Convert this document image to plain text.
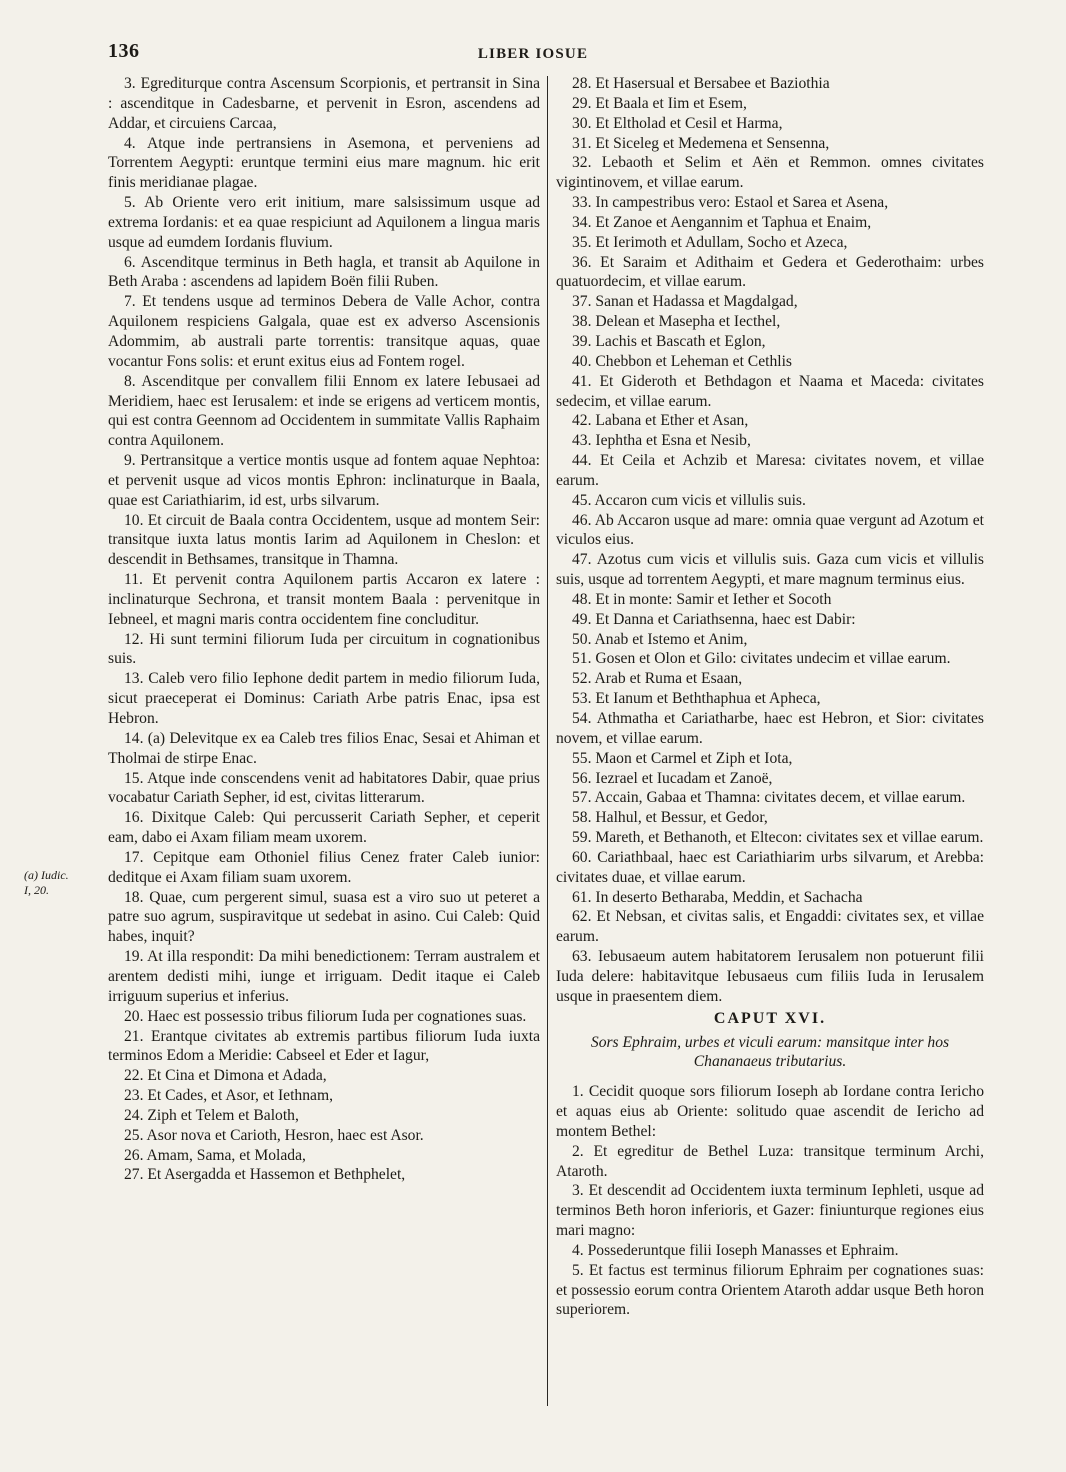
136	LIBER IOSUE
(a) Iudic.
I, 20.

3. Egrediturque contra Ascensum Scorpionis, et pertransit in Sina : ascenditque in Cadesbarne, et pervenit in Esron, ascendens ad Addar, et circuiens Carcaa,

4. Atque inde pertransiens in Asemona, et perveniens ad Torrentem Aegypti: eruntque termini eius mare magnum. hic erit finis meridianae plagae.

5. Ab Oriente vero erit initium, mare salsissimum usque ad extrema Iordanis: et ea quae respiciunt ad Aquilonem a lingua maris usque ad eumdem Iordanis fluvium.

6. Ascenditque terminus in Beth hagla, et transit ab Aquilone in Beth Araba : ascendens ad lapidem Boën filii Ruben.

7. Et tendens usque ad terminos Debera de Valle Achor, contra Aquilonem respiciens Galgala, quae est ex adverso Ascensionis Adommim, ab australi parte torrentis: transitque aquas, quae vocantur Fons solis: et erunt exitus eius ad Fontem rogel.

8. Ascenditque per convallem filii Ennom ex latere Iebusaei ad Meridiem, haec est Ierusalem: et inde se erigens ad verticem montis, qui est contra Geennom ad Occidentem in summitate Vallis Raphaim contra Aquilonem.

9. Pertransitque a vertice montis usque ad fontem aquae Nephtoa: et pervenit usque ad vicos montis Ephron: inclinaturque in Baala, quae est Cariathiarim, id est, urbs silvarum.

10. Et circuit de Baala contra Occidentem, usque ad montem Seir: transitque iuxta latus montis Iarim ad Aquilonem in Cheslon: et descendit in Bethsames, transitque in Thamna.

11. Et pervenit contra Aquilonem partis Accaron ex latere : inclinaturque Sechrona, et transit montem Baala : pervenitque in Iebneel, et magni maris contra occidentem fine concluditur.

12. Hi sunt termini filiorum Iuda per circuitum in cognationibus suis.

13. Caleb vero filio Iephone dedit partem in medio filiorum Iuda, sicut praeceperat ei Dominus: Cariath Arbe patris Enac, ipsa est Hebron.

14. (a) Delevitque ex ea Caleb tres filios Enac, Sesai et Ahiman et Tholmai de stirpe Enac.

15. Atque inde conscendens venit ad habitatores Dabir, quae prius vocabatur Cariath Sepher, id est, civitas litterarum.

16. Dixitque Caleb: Qui percusserit Cariath Sepher, et ceperit eam, dabo ei Axam filiam meam uxorem.

17. Cepitque eam Othoniel filius Cenez frater Caleb iunior: deditque ei Axam filiam suam uxorem.

18. Quae, cum pergerent simul, suasa est a viro suo ut peteret a patre suo agrum, suspiravitque ut sedebat in asino. Cui Caleb: Quid habes, inquit?

19. At illa respondit: Da mihi benedictionem: Terram australem et arentem dedisti mihi, iunge et irriguam. Dedit itaque ei Caleb irriguum superius et inferius.

20. Haec est possessio tribus filiorum Iuda per cognationes suas.

21. Erantque civitates ab extremis partibus filiorum Iuda iuxta terminos Edom a Meridie: Cabseel et Eder et Iagur,

22. Et Cina et Dimona et Adada,

23. Et Cades, et Asor, et Iethnam,

24. Ziph et Telem et Baloth,

25. Asor nova et Carioth, Hesron, haec est Asor.

26. Amam, Sama, et Molada,

27. Et Asergadda et Hassemon et Bethphelet,

28. Et Hasersual et Bersabee et Baziothia

29. Et Baala et Iim et Esem,

30. Et Eltholad et Cesil et Harma,

31. Et Siceleg et Medemena et Sensenna,

32. Lebaoth et Selim et Aën et Remmon. omnes civitates vigintinovem, et villae earum.

33. In campestribus vero: Estaol et Sarea et Asena,

34. Et Zanoe et Aengannim et Taphua et Enaim,

35. Et Ierimoth et Adullam, Socho et Azeca,

36. Et Saraim et Adithaim et Gedera et Gederothaim: urbes quatuordecim, et villae earum.

37. Sanan et Hadassa et Magdalgad,

38. Delean et Masepha et Iecthel,

39. Lachis et Bascath et Eglon,

40. Chebbon et Leheman et Cethlis

41. Et Gideroth et Bethdagon et Naama et Maceda: civitates sedecim, et villae earum.

42. Labana et Ether et Asan,

43. Iephtha et Esna et Nesib,

44. Et Ceila et Achzib et Maresa: civitates novem, et villae earum.

45. Accaron cum vicis et villulis suis.

46. Ab Accaron usque ad mare: omnia quae vergunt ad Azotum et viculos eius.

47. Azotus cum vicis et villulis suis. Gaza cum vicis et villulis suis, usque ad torrentem Aegypti, et mare magnum terminus eius.

48. Et in monte: Samir et Iether et Socoth

49. Et Danna et Cariathsenna, haec est Dabir:

50. Anab et Istemo et Anim,

51. Gosen et Olon et Gilo: civitates undecim et villae earum.

52. Arab et Ruma et Esaan,

53. Et Ianum et Beththaphua et Apheca,

54. Athmatha et Cariatharbe, haec est Hebron, et Sior: civitates novem, et villae earum.

55. Maon et Carmel et Ziph et Iota,

56. Iezrael et Iucadam et Zanoë,

57. Accain, Gabaa et Thamna: civitates decem, et villae earum.

58. Halhul, et Bessur, et Gedor,

59. Mareth, et Bethanoth, et Eltecon: civitates sex et villae earum.

60. Cariathbaal, haec est Cariathiarim urbs silvarum, et Arebba: civitates duae, et villae earum.

61. In deserto Betharaba, Meddin, et Sachacha

62. Et Nebsan, et civitas salis, et Engaddi: civitates sex, et villae earum.

63. Iebusaeum autem habitatorem Ierusalem non potuerunt filii Iuda delere: habitavitque Iebusaeus cum filiis Iuda in Ierusalem usque in praesentem diem.

CAPUT XVI.
Sors Ephraim, urbes et viculi earum: mansitque inter hos Chananaeus tributarius.

1. Cecidit quoque sors filiorum Ioseph ab Iordane contra Iericho et aquas eius ab Oriente: solitudo quae ascendit de Iericho ad montem Bethel:

2. Et egreditur de Bethel Luza: transitque terminum Archi, Ataroth.

3. Et descendit ad Occidentem iuxta terminum Iephleti, usque ad terminos Beth horon inferioris, et Gazer: finiunturque regiones eius mari magno:

4. Possederuntque filii Ioseph Manasses et Ephraim.

5. Et factus est terminus filiorum Ephraim per cognationes suas: et possessio eorum contra Orientem Ataroth addar usque Beth horon superiorem.
